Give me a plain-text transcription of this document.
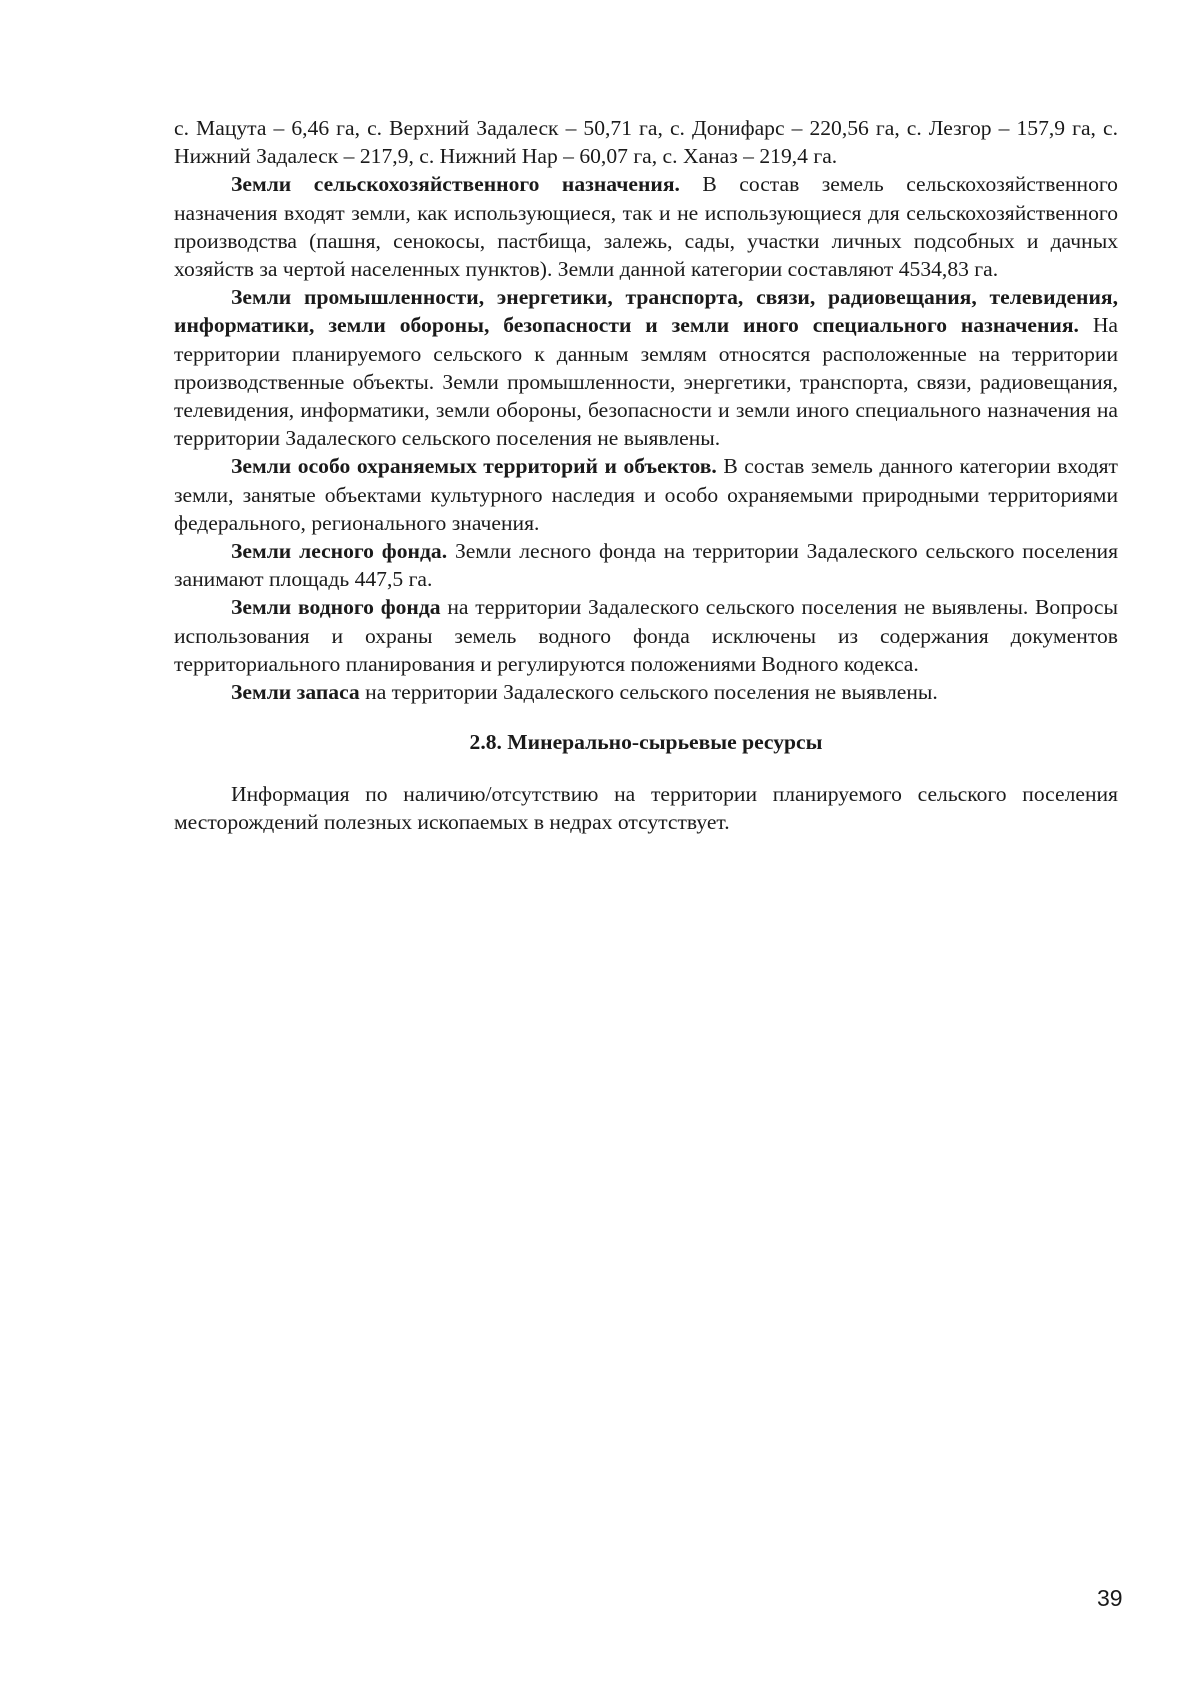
с. Мацута – 6,46 га, с. Верхний Задалеск – 50,71 га, с. Донифарс – 220,56 га, с. Лезгор – 157,9 га, с. Нижний Задалеск – 217,9, с. Нижний Нар – 60,07 га, с. Ханаз – 219,4 га.

Земли сельскохозяйственного назначения. В состав земель сельскохозяйственного назначения входят земли, как использующиеся, так и не использующиеся для сельскохозяйственного производства (пашня, сенокосы, пастбища, залежь, сады, участки личных подсобных и дачных хозяйств за чертой населенных пунктов). Земли данной категории составляют 4534,83 га.

Земли промышленности, энергетики, транспорта, связи, радиовещания, телевидения, информатики, земли обороны, безопасности и земли иного специального назначения. На территории планируемого сельского к данным землям относятся расположенные на территории производственные объекты. Земли промышленности, энергетики, транспорта, связи, радиовещания, телевидения, информатики, земли обороны, безопасности и земли иного специального назначения на территории Задалеского сельского поселения не выявлены.

Земли особо охраняемых территорий и объектов. В состав земель данного категории входят земли, занятые объектами культурного наследия и особо охраняемыми природными территориями федерального, регионального значения.

Земли лесного фонда. Земли лесного фонда на территории Задалеского сельского поселения занимают площадь 447,5 га.

Земли водного фонда на территории Задалеского сельского поселения не выявлены. Вопросы использования и охраны земель водного фонда исключены из содержания документов территориального планирования и регулируются положениями Водного кодекса.

Земли запаса на территории Задалеского сельского поселения не выявлены.

2.8. Минерально-сырьевые ресурсы

Информация по наличию/отсутствию на территории планируемого сельского поселения месторождений полезных ископаемых в недрах отсутствует.

39
